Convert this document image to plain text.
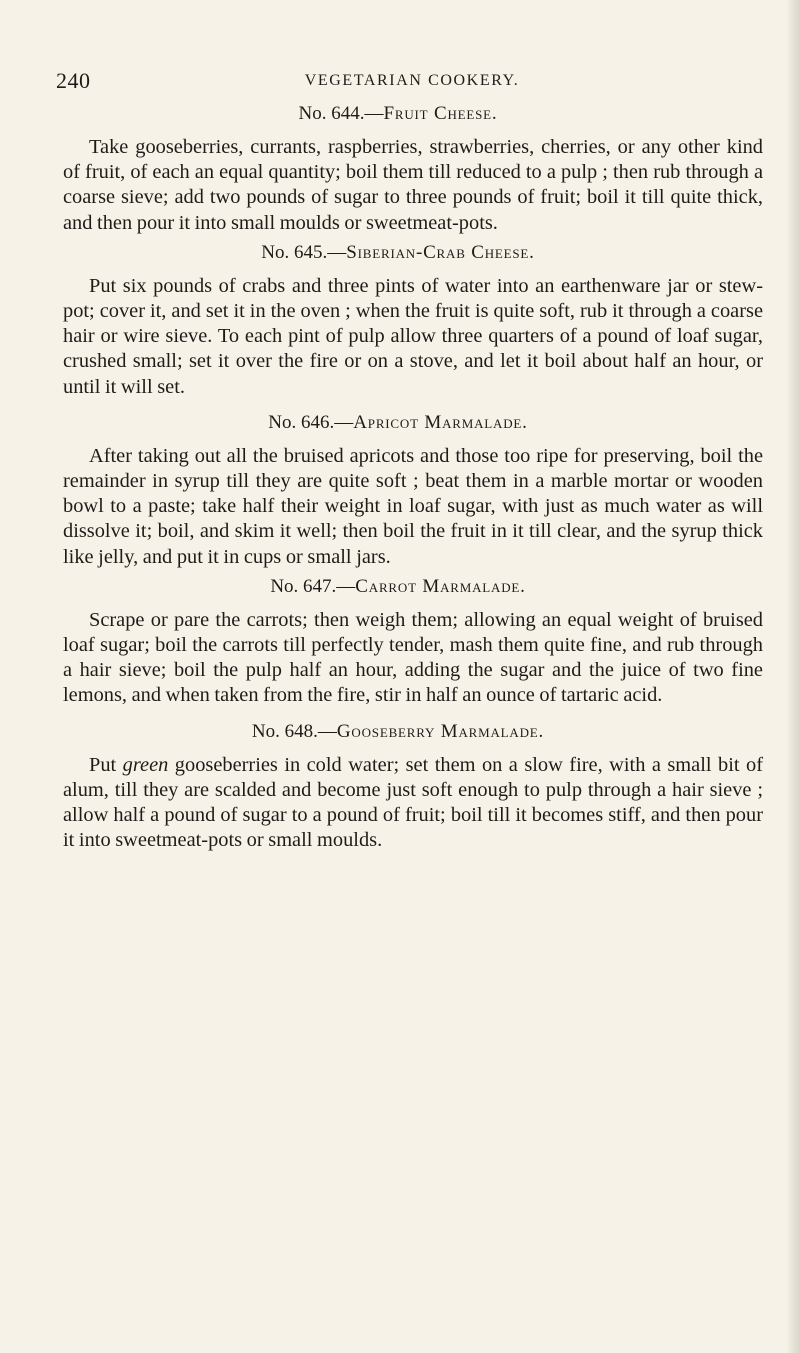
240	VEGETARIAN COOKERY.
No. 644.—Fruit Cheese.

Take gooseberries, currants, raspberries, strawberries, cherries, or any other kind of fruit, of each an equal quantity; boil them till reduced to a pulp ; then rub through a coarse sieve; add two pounds of sugar to three pounds of fruit; boil it till quite thick, and then pour it into small moulds or sweetmeat-pots.

No. 645.—Siberian-Crab Cheese.

Put six pounds of crabs and three pints of water into an earthenware jar or stew-pot; cover it, and set it in the oven ; when the fruit is quite soft, rub it through a coarse hair or wire sieve. To each pint of pulp allow three quarters of a pound of loaf sugar, crushed small; set it over the fire or on a stove, and let it boil about half an hour, or until it will set.

No. 646.—Apricot Marmalade.

After taking out all the bruised apricots and those too ripe for preserving, boil the remainder in syrup till they are quite soft ; beat them in a marble mortar or wooden bowl to a paste; take half their weight in loaf sugar, with just as much water as will dissolve it; boil, and skim it well; then boil the fruit in it till clear, and the syrup thick like jelly, and put it in cups or small jars.

No. 647.—Carrot Marmalade.

Scrape or pare the carrots; then weigh them; allowing an equal weight of bruised loaf sugar; boil the carrots till perfectly tender, mash them quite fine, and rub through a hair sieve; boil the pulp half an hour, adding the sugar and the juice of two fine lemons, and when taken from the fire, stir in half an ounce of tartaric acid.

No. 648.—Gooseberry Marmalade.

Put green gooseberries in cold water; set them on a slow fire, with a small bit of alum, till they are scalded and become just soft enough to pulp through a hair sieve ; allow half a pound of sugar to a pound of fruit; boil till it becomes stiff, and then pour it into sweetmeat-pots or small moulds.
